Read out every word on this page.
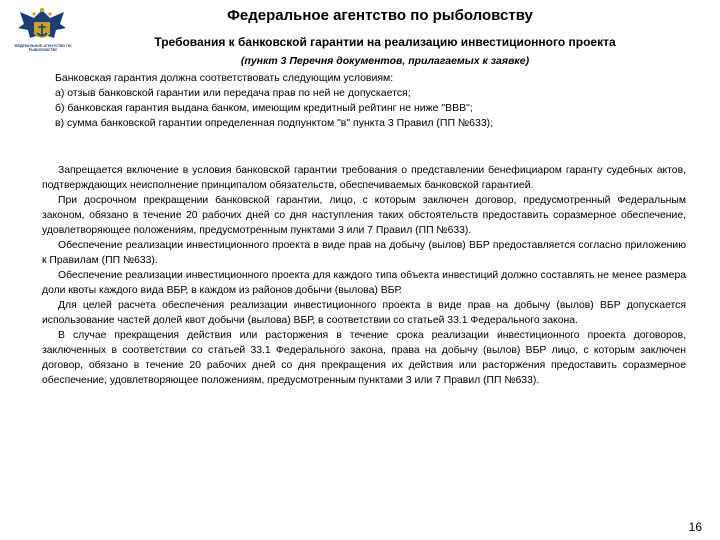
ФЕДЕРАЛЬНОЕ АГЕНТСТВО ПО РЫБОЛОВСТВУ
Федеральное агентство по рыболовству
Требования к банковской гарантии на реализацию инвестиционного проекта
(пункт 3 Перечня документов, прилагаемых к заявке)
Банковская гарантия должна соответствовать следующим условиям:
а) отзыв банковской гарантии или передача прав по ней не допускается;
б) банковская гарантия выдана банком, имеющим кредитный рейтинг не ниже "BBB";
в) сумма банковской гарантии определенная подпунктом "в" пункта 3 Правил (ПП №633);

Запрещается включение в условия банковской гарантии требования о представлении бенефициаром гаранту судебных актов, подтверждающих неисполнение принципалом обязательств, обеспечиваемых банковской гарантией.

При досрочном прекращении банковской гарантии, лицо, с которым заключен договор, предусмотренный Федеральным законом, обязано в течение 20 рабочих дней со дня наступления таких обстоятельств предоставить соразмерное обеспечение, удовлетворяющее положениям, предусмотренным пунктами 3 или 7 Правил (ПП №633).

Обеспечение реализации инвестиционного проекта в виде прав на добычу (вылов) ВБР предоставляется согласно приложению к Правилам (ПП №633).

Обеспечение реализации инвестиционного проекта для каждого типа объекта инвестиций должно составлять не менее размера доли квоты каждого вида ВБР, в каждом из районов добычи (вылова) ВБР.

Для целей расчета обеспечения реализации инвестиционного проекта в виде прав на добычу (вылов) ВБР допускается использование частей долей квот добычи (вылова) ВБР, в соответствии со статьей 33.1 Федерального закона.

В случае прекращения действия или расторжения в течение срока реализации инвестиционного проекта договоров, заключенных в соответствии со статьей 33.1 Федерального закона, права на добычу (вылов) ВБР лицо, с которым заключен договор, обязано в течение 20 рабочих дней со дня прекращения их действия или расторжения предоставить соразмерное обеспечение, удовлетворяющее положениям, предусмотренным пунктами 3 или 7 Правил (ПП №633).

16
